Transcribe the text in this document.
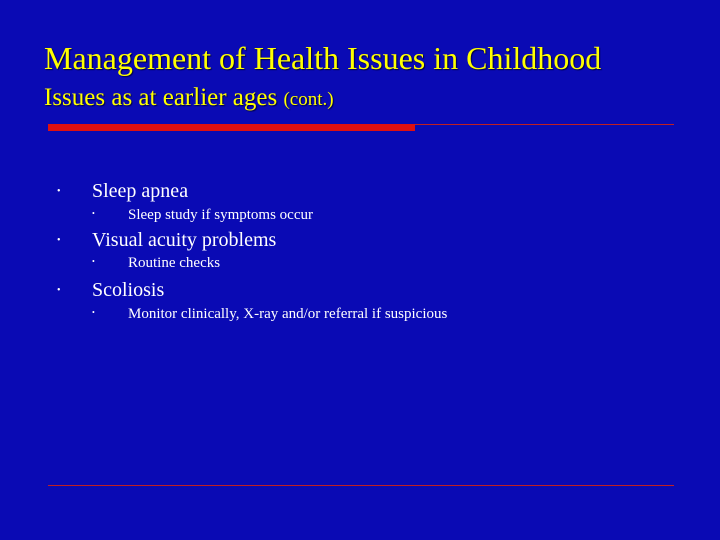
Management of Health Issues in Childhood
Issues as at earlier ages (cont.)
• Sleep apnea
• Sleep study if symptoms occur
• Visual acuity problems
• Routine checks
• Scoliosis
• Monitor clinically, X-ray and/or referral if suspicious
